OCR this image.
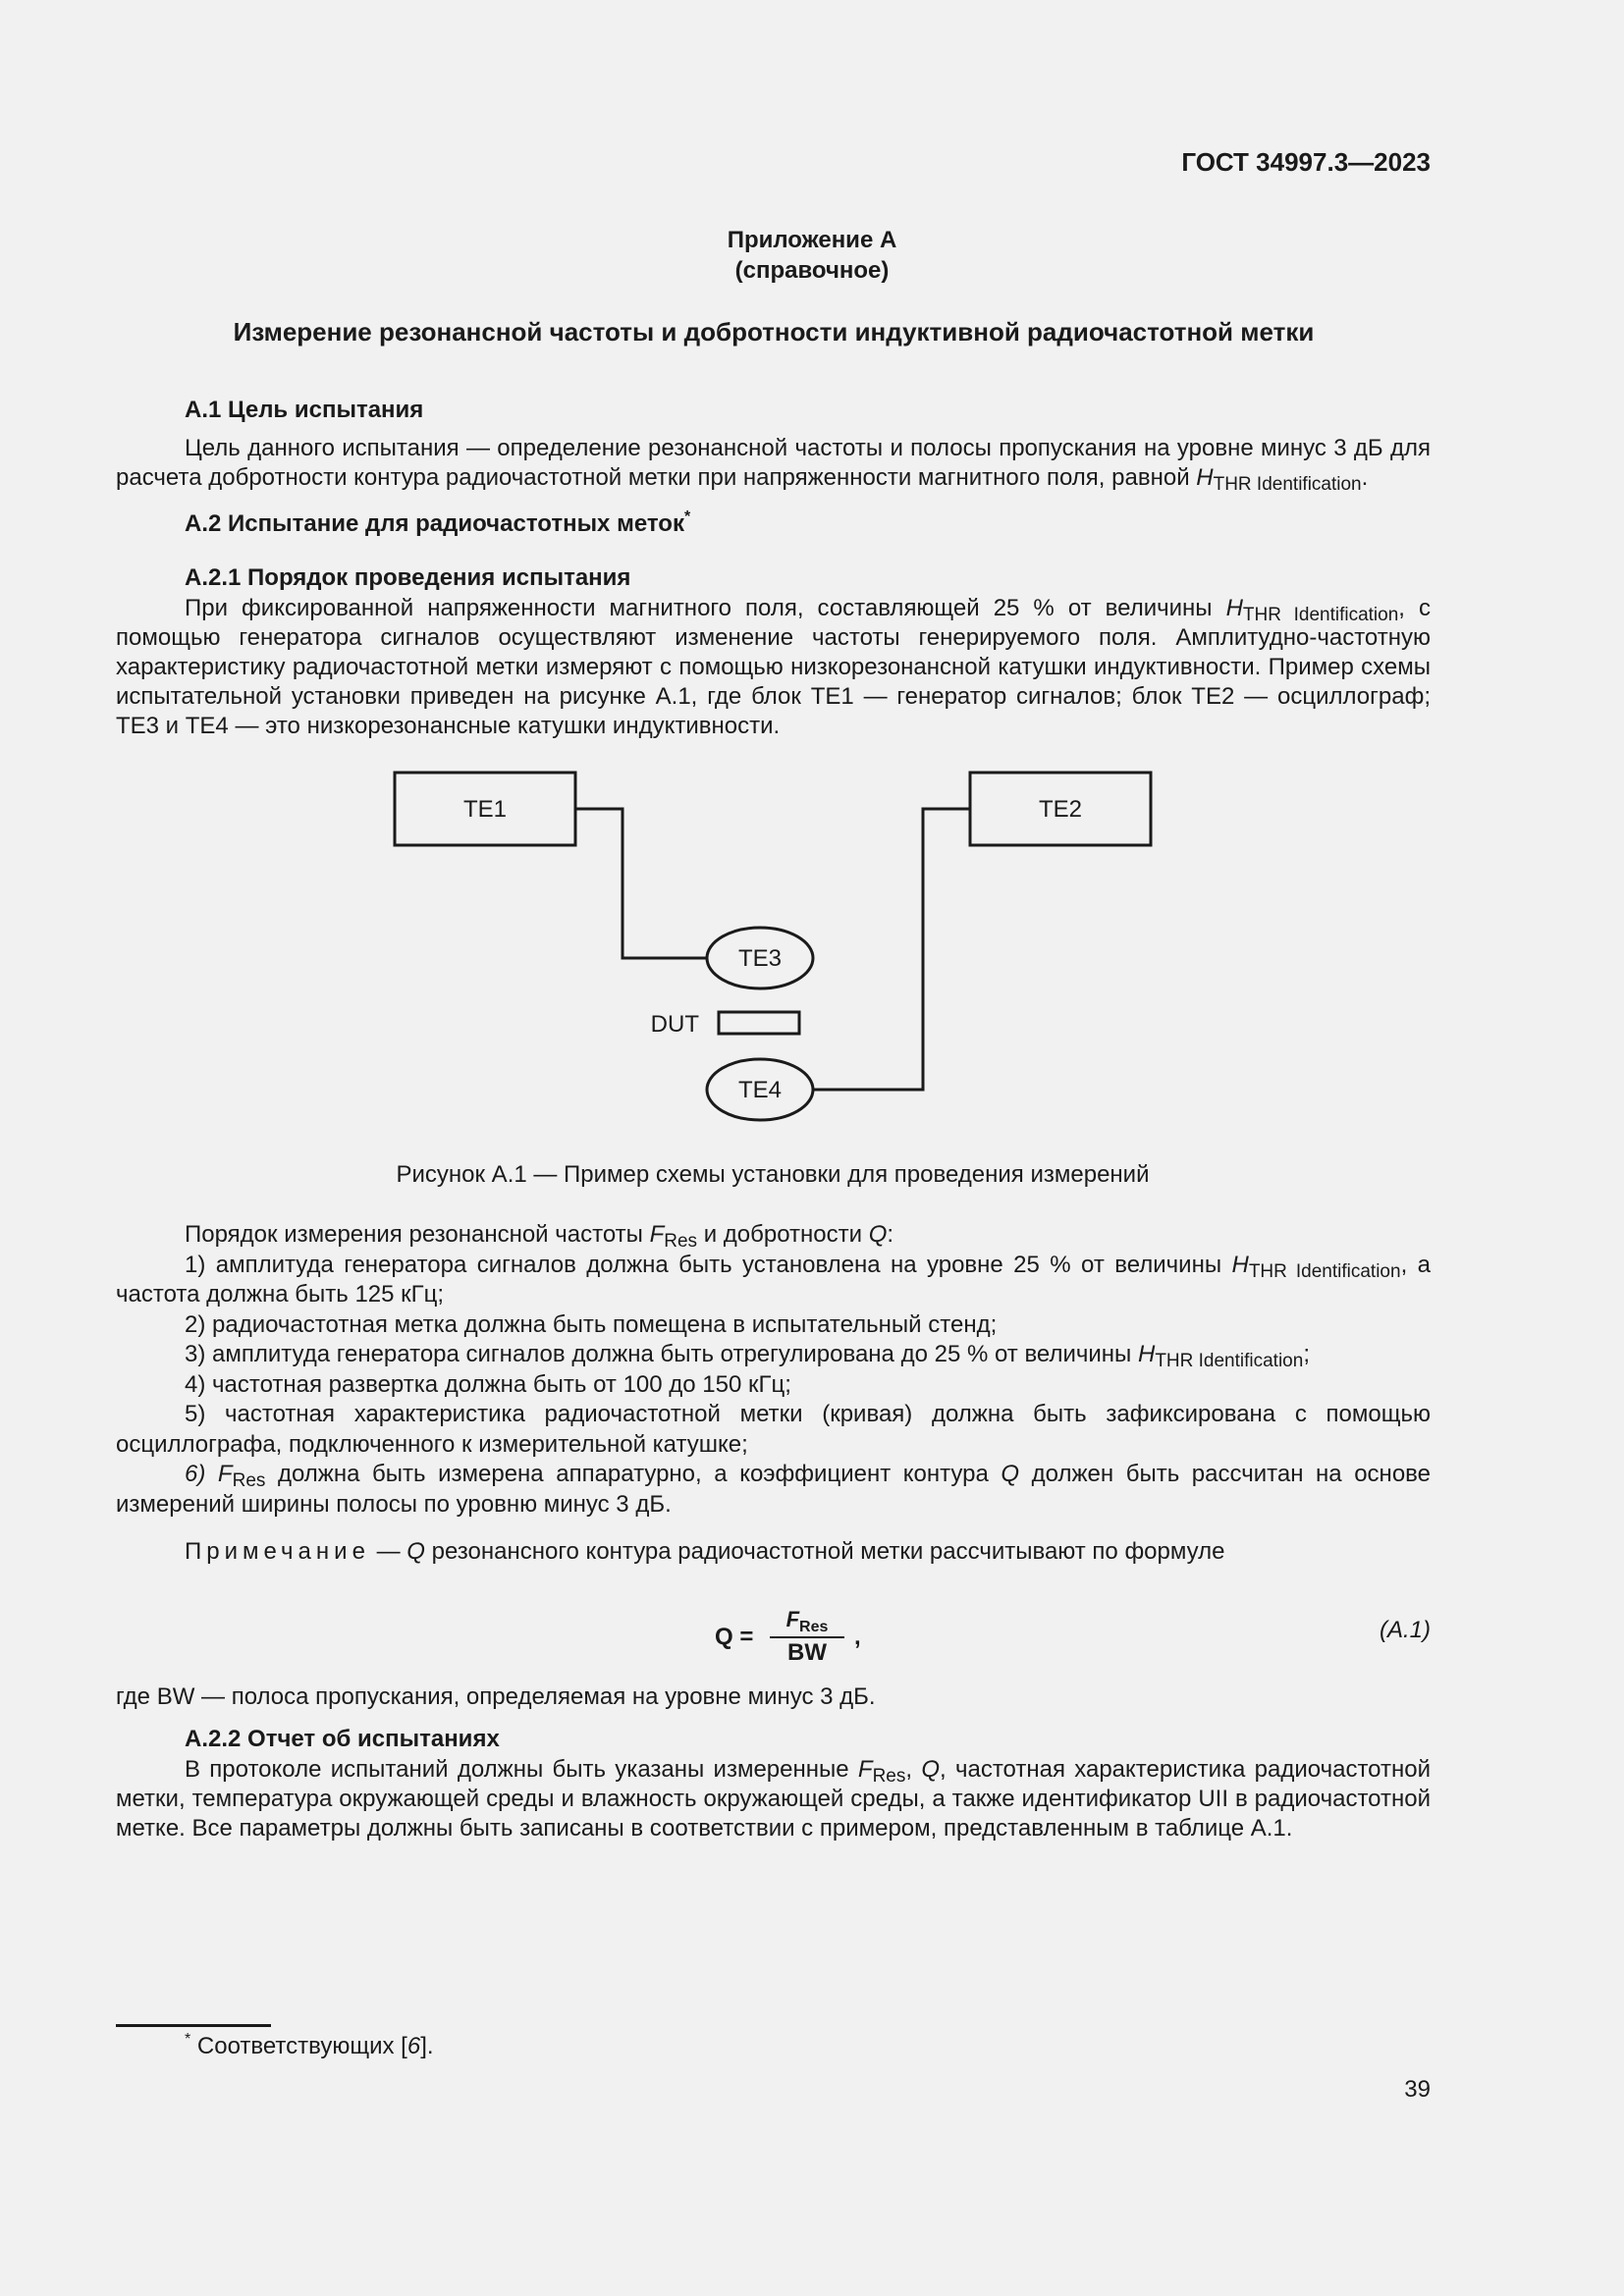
ГОСТ 34997.3—2023
Приложение А
(справочное)
Измерение резонансной частоты и добротности индуктивной радиочастотной метки
А.1 Цель испытания

Цель данного испытания — определение резонансной частоты и полосы пропускания на уровне минус 3 дБ для расчета добротности контура радиочастотной метки при напряженности магнитного поля, равной $H_{THR Identification}$.

А.2 Испытание для радиочастотных меток*
А.2.1 Порядок проведения испытания

При фиксированной напряженности магнитного поля, составляющей 25 % от величины $H_{THR Identification}$, с помощью генератора сигналов осуществляют изменение частоты генерируемого поля. Амплитудно-частотную характеристику радиочастотной метки измеряют с помощью низкорезонансной катушки индуктивности. Пример схемы испытательной установки приведен на рисунке А.1, где блок ТЕ1 — генератор сигналов; блок ТЕ2 — осциллограф; ТЕ3 и ТЕ4 — это низкорезонансные катушки индуктивности.

ТЕ1	ТЕ2
ТЕ3
ТЕ4
DUT
Рисунок А.1 — Пример схемы установки для проведения измерений

Порядок измерения резонансной частоты $F_{Res}$ и добротности Q:

1) амплитуда генератора сигналов должна быть установлена на уровне 25 % от величины $H_{THR Identification}$, а частота должна быть 125 кГц;

2) радиочастотная метка должна быть помещена в испытательный стенд;

3) амплитуда генератора сигналов должна быть отрегулирована до 25 % от величины $H_{THR Identification}$;

4) частотная развертка должна быть от 100 до 150 кГц;

5) частотная характеристика радиочастотной метки (кривая) должна быть зафиксирована с помощью осциллографа, подключенного к измерительной катушке;

6) $F_{Res}$ должна быть измерена аппаратурно, а коэффициент контура Q должен быть рассчитан на основе измерений ширины полосы по уровню минус 3 дБ.

Примечание — Q резонансного контура радиочастотной метки рассчитывают по формуле

Q =
$F_{Res}$
BW
,	(A.1)
где BW — полоса пропускания, определяемая на уровне минус 3 дБ.
А.2.2 Отчет об испытаниях

В протоколе испытаний должны быть указаны измеренные $F_{Res}$, Q, частотная характеристика радиочастотной метки, температура окружающей среды и влажность окружающей среды, а также идентификатор UII в радиочастотной метке. Все параметры должны быть записаны в соответствии с примером, представленным в таблице А.1.

* Соответствующих [6].

39
